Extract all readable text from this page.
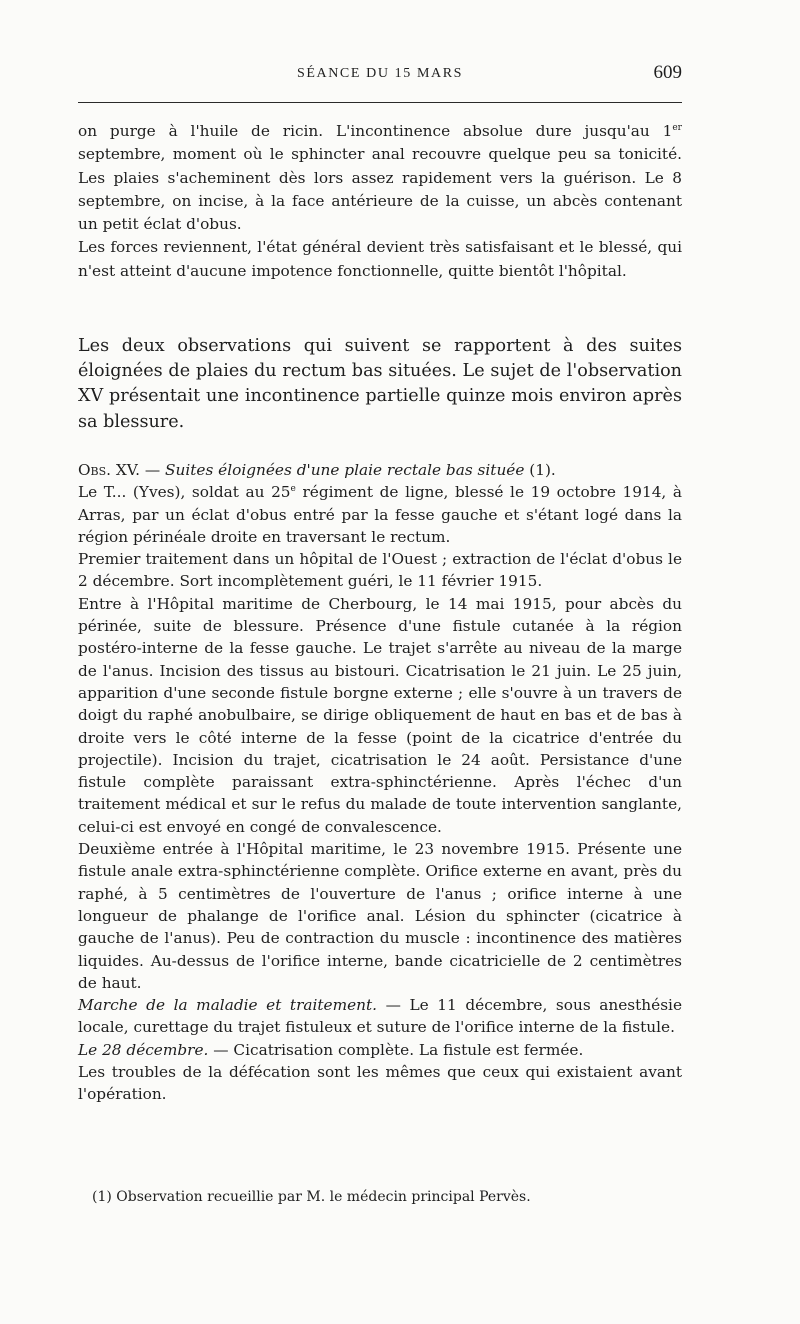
SÉANCE DU 15 MARS	609

on purge à l'huile de ricin. L'incontinence absolue dure jusqu'au 1er septembre, moment où le sphincter anal recouvre quelque peu sa tonicité. Les plaies s'acheminent dès lors assez rapidement vers la guérison. Le 8 septembre, on incise, à la face antérieure de la cuisse, un abcès contenant un petit éclat d'obus.

Les forces reviennent, l'état général devient très satisfaisant et le blessé, qui n'est atteint d'aucune impotence fonctionnelle, quitte bientôt l'hôpital.

Les deux observations qui suivent se rapportent à des suites éloignées de plaies du rectum bas situées. Le sujet de l'observation XV présentait une incontinence partielle quinze mois environ après sa blessure.

Obs. XV. — Suites éloignées d'une plaie rectale bas située (1).

Le T... (Yves), soldat au 25e régiment de ligne, blessé le 19 octobre 1914, à Arras, par un éclat d'obus entré par la fesse gauche et s'étant logé dans la région périnéale droite en traversant le rectum.

Premier traitement dans un hôpital de l'Ouest ; extraction de l'éclat d'obus le 2 décembre. Sort incomplètement guéri, le 11 février 1915.

Entre à l'Hôpital maritime de Cherbourg, le 14 mai 1915, pour abcès du périnée, suite de blessure. Présence d'une fistule cutanée à la région postéro-interne de la fesse gauche. Le trajet s'arrête au niveau de la marge de l'anus. Incision des tissus au bistouri. Cicatrisation le 21 juin. Le 25 juin, apparition d'une seconde fistule borgne externe ; elle s'ouvre à un travers de doigt du raphé anobulbaire, se dirige obliquement de haut en bas et de bas à droite vers le côté interne de la fesse (point de la cicatrice d'entrée du projectile). Incision du trajet, cicatrisation le 24 août. Persistance d'une fistule complète paraissant extra-sphinctérienne. Après l'échec d'un traitement médical et sur le refus du malade de toute intervention sanglante, celui-ci est envoyé en congé de convalescence.

Deuxième entrée à l'Hôpital maritime, le 23 novembre 1915. Présente une fistule anale extra-sphinctérienne complète. Orifice externe en avant, près du raphé, à 5 centimètres de l'ouverture de l'anus ; orifice interne à une longueur de phalange de l'orifice anal. Lésion du sphincter (cicatrice à gauche de l'anus). Peu de contraction du muscle : incontinence des matières liquides. Au-dessus de l'orifice interne, bande cicatricielle de 2 centimètres de haut.

Marche de la maladie et traitement. — Le 11 décembre, sous anesthésie locale, curettage du trajet fistuleux et suture de l'orifice interne de la fistule.

Le 28 décembre. — Cicatrisation complète. La fistule est fermée.

Les troubles de la défécation sont les mêmes que ceux qui existaient avant l'opération.

(1) Observation recueillie par M. le médecin principal Pervès.
